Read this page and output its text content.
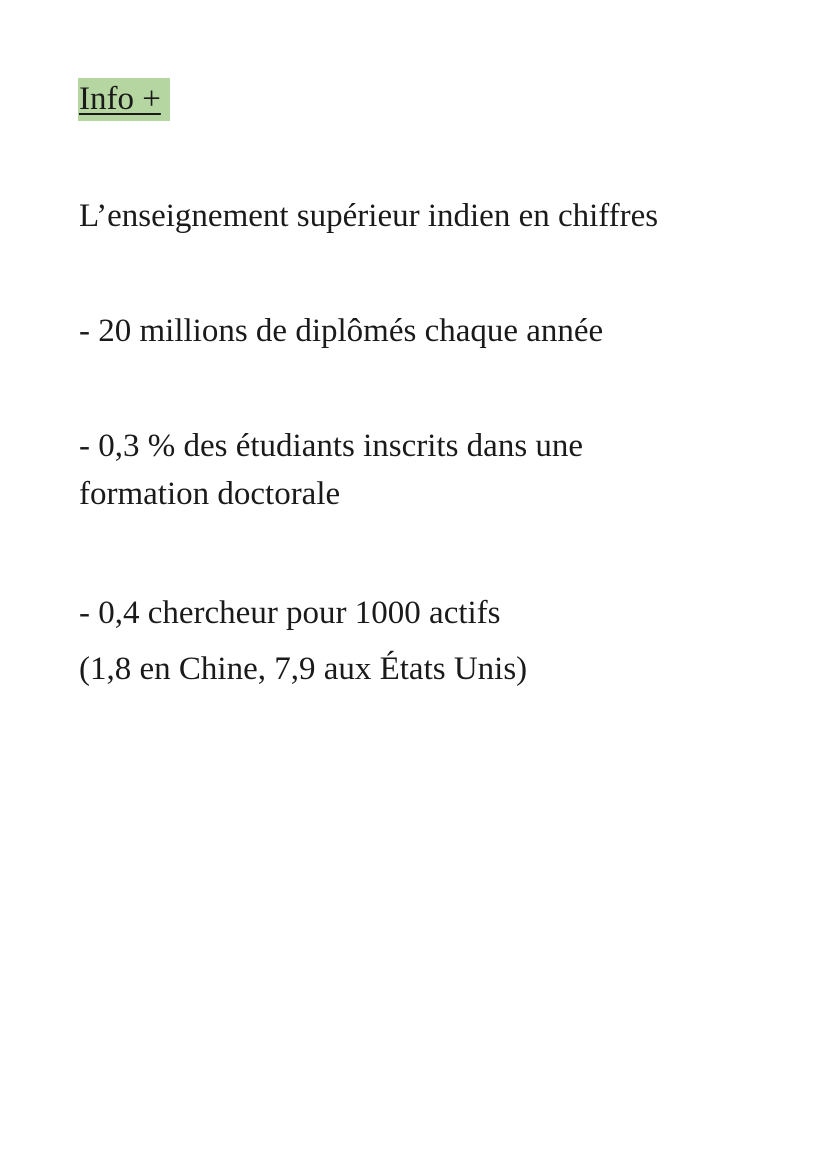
Info +
L’enseignement supérieur indien en chiffres

- 20 millions de diplômés chaque année

- 0,3 % des étudiants inscrits dans une
formation doctorale

- 0,4 chercheur pour 1000 actifs
(1,8 en Chine, 7,9 aux États Unis)
